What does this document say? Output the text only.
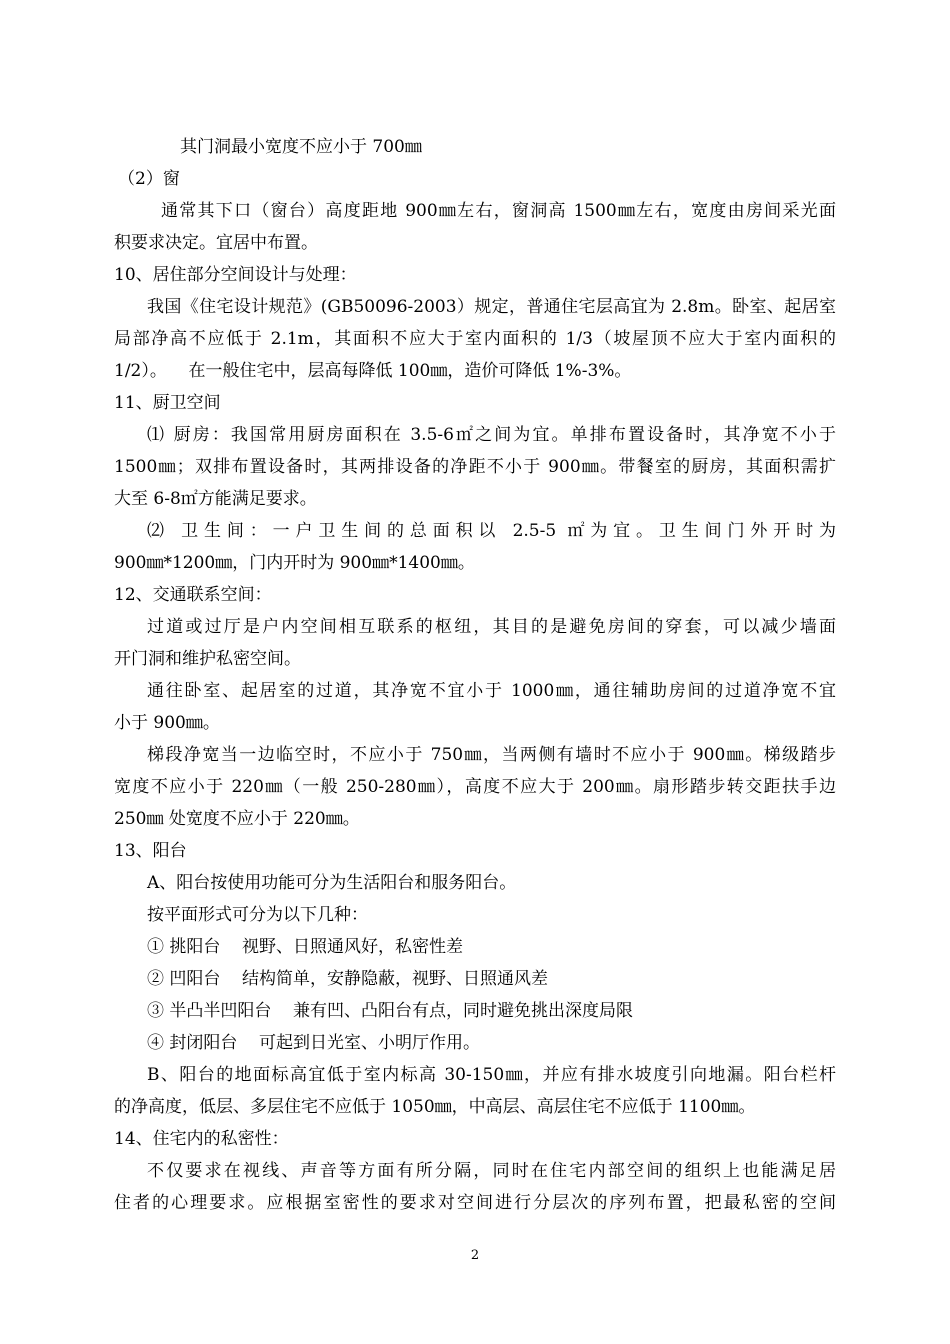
其门洞最小宽度不应小于 700㎜
（2）窗
通常其下口（窗台）高度距地 900㎜左右，窗洞高 1500㎜左右，宽度由房间采光面
积要求决定。宜居中布置。
10、居住部分空间设计与处理：
我国《住宅设计规范》(GB50096-2003）规定，普通住宅层高宜为 2.8m。卧室、起居室
局部净高不应低于 2.1m，其面积不应大于室内面积的 1/3（坡屋顶不应大于室内面积的
1/2）。    在一般住宅中，层高每降低 100㎜，造价可降低 1%-3%。
11、厨卫空间
⑴ 厨房：我国常用厨房面积在 3.5-6㎡之间为宜。单排布置设备时，其净宽不小于
1500㎜；双排布置设备时，其两排设备的净距不小于 900㎜。带餐室的厨房，其面积需扩
大至 6-8㎡方能满足要求。
⑵ 卫生间：一户卫生间的总面积以 2.5-5 ㎡为宜。卫生间门外开时为
900㎜*1200㎜，门内开时为 900㎜*1400㎜。
12、交通联系空间：
过道或过厅是户内空间相互联系的枢纽，其目的是避免房间的穿套，可以减少墙面
开门洞和维护私密空间。
通往卧室、起居室的过道，其净宽不宜小于 1000㎜，通往辅助房间的过道净宽不宜
小于 900㎜。
梯段净宽当一边临空时，不应小于 750㎜，当两侧有墙时不应小于 900㎜。梯级踏步
宽度不应小于 220㎜（一般 250-280㎜），高度不应大于 200㎜。扇形踏步转交距扶手边
250㎜ 处宽度不应小于 220㎜。
13、阳台
A、阳台按使用功能可分为生活阳台和服务阳台。
按平面形式可分为以下几种：
① 挑阳台    视野、日照通风好，私密性差
② 凹阳台    结构简单，安静隐蔽，视野、日照通风差
③ 半凸半凹阳台    兼有凹、凸阳台有点，同时避免挑出深度局限
④ 封闭阳台    可起到日光室、小明厅作用。
B、阳台的地面标高宜低于室内标高 30-150㎜，并应有排水坡度引向地漏。阳台栏杆
的净高度，低层、多层住宅不应低于 1050㎜，中高层、高层住宅不应低于 1100㎜。
14、住宅内的私密性：
不仅要求在视线、声音等方面有所分隔，同时在住宅内部空间的组织上也能满足居
住者的心理要求。应根据室密性的要求对空间进行分层次的序列布置，把最私密的空间
2
